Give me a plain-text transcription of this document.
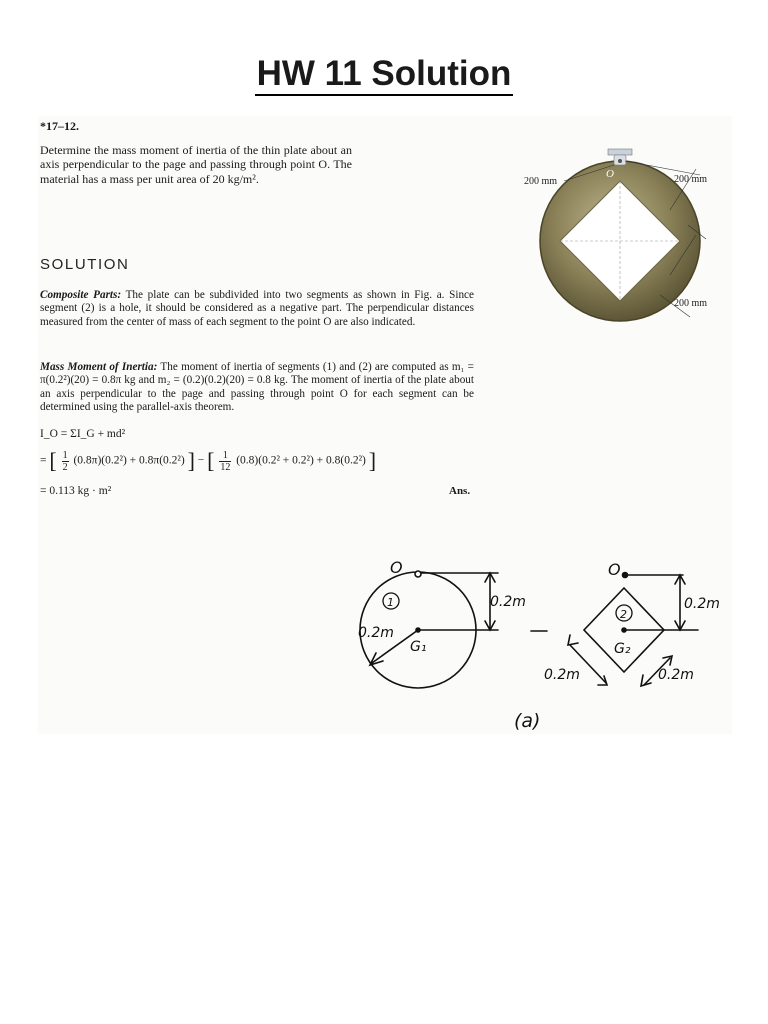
HW 11 Solution
*17–12.
Determine the mass moment of inertia of the thin plate about an axis perpendicular to the page and passing through point O. The material has a mass per unit area of 20 kg/m².	O
200 mm	200 mm
200 mm
SOLUTION
Composite Parts: The plate can be subdivided into two segments as shown in Fig. a. Since segment (2) is a hole, it should be considered as a negative part. The perpendicular distances measured from the center of mass of each segment to the point O are also indicated.
Mass Moment of Inertia: The moment of inertia of segments (1) and (2) are computed as m₁ = π(0.2²)(20) = 0.8π kg and m₂ = (0.2)(0.2)(20) = 0.8 kg. The moment of inertia of the plate about an axis perpendicular to the page and passing through point O for each segment can be determined using the parallel-axis theorem.
I_O = ΣI_G + md²
= [ $\frac{1}{2} (0.8\pi)(0.2^2) + 0.8\pi(0.2^2)$ ] − [ $\frac{1}{12} (0.8)(0.2^2 + 0.2^2) + 0.8(0.2^2)$ ]
= 0.113 kg · m²	Ans.
O	O
1
2
0.2m
0.2m
0.2m
0.2m	0.2m
G₁	G₂
(a)
